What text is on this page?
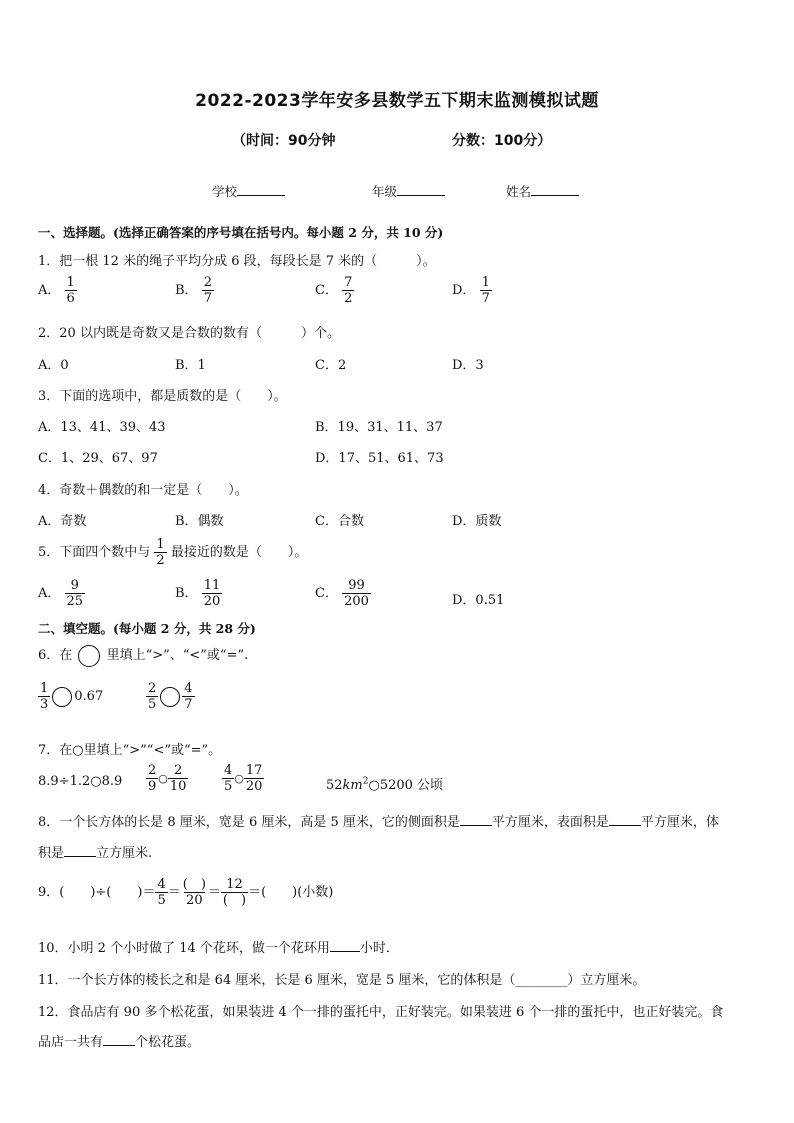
2022-2023学年安多县数学五下期末监测模拟试题
（时间：90分钟	分数：100分）
学校	年级	姓名
一、选择题。(选择正确答案的序号填在括号内。每小题 2 分，共 10 分)
1．把一根 12 米的绳子平均分成 6 段，每段长是 7 米的（　　　）。
A． $\frac{1}{6}$	B． $\frac{2}{7}$	C． $\frac{7}{2}$	D． $\frac{1}{7}$
2．20 以内既是奇数又是合数的数有（　　　）个。
A．0	B．1	C．2	D．3
3．下面的选项中，都是质数的是（　　）。
A．13、41、39、43	B．19、31、11、37
C．1、29、67、97	D．17、51、61、73
4．奇数＋偶数的和一定是（　　）。
A．奇数	B．偶数	C．合数	D．质数
5．下面四个数中与 $\frac{1}{2}$ 最接近的数是（　　）。
A． $\frac{9}{25}$	B． $\frac{11}{20}$	C． $\frac{99}{200}$	D．0.51
二、填空题。(每小题 2 分，共 28 分)
6．在	里填上“>”、“<”或“=”.
$\frac{1}{3} 0.67$	$\frac{2}{5} \frac{4}{7}$
7．在○里填上“>”“<”或“=”。
8.9÷1.2○8.9 $\frac{2}{9}$ ○ $\frac{2}{10}$	$\frac{4}{5}$ ○ $\frac{17}{20}$	$52km^2○5200$ 公顷
8．一个长方体的长是 8 厘米，宽是 6 厘米，高是 5 厘米，它的侧面积是 平方厘米，表面积是 平方厘米，体
积是 立方厘米.
9．(　　)÷(　　)＝ $\frac{4}{5} = \frac{( )}{20} = \frac{12}{( )}$ ＝(　　)(小数)
10．小明 2 个小时做了 14 个花环，做一个花环用 小时．
11．一个长方体的棱长之和是 64 厘米，长是 6 厘米，宽是 5 厘米，它的体积是（________）立方厘米。
12．食品店有 90 多个松花蛋，如果装进 4 个一排的蛋托中，正好装完。如果装进 6 个一排的蛋托中，也正好装完。食
品店一共有 个松花蛋。
